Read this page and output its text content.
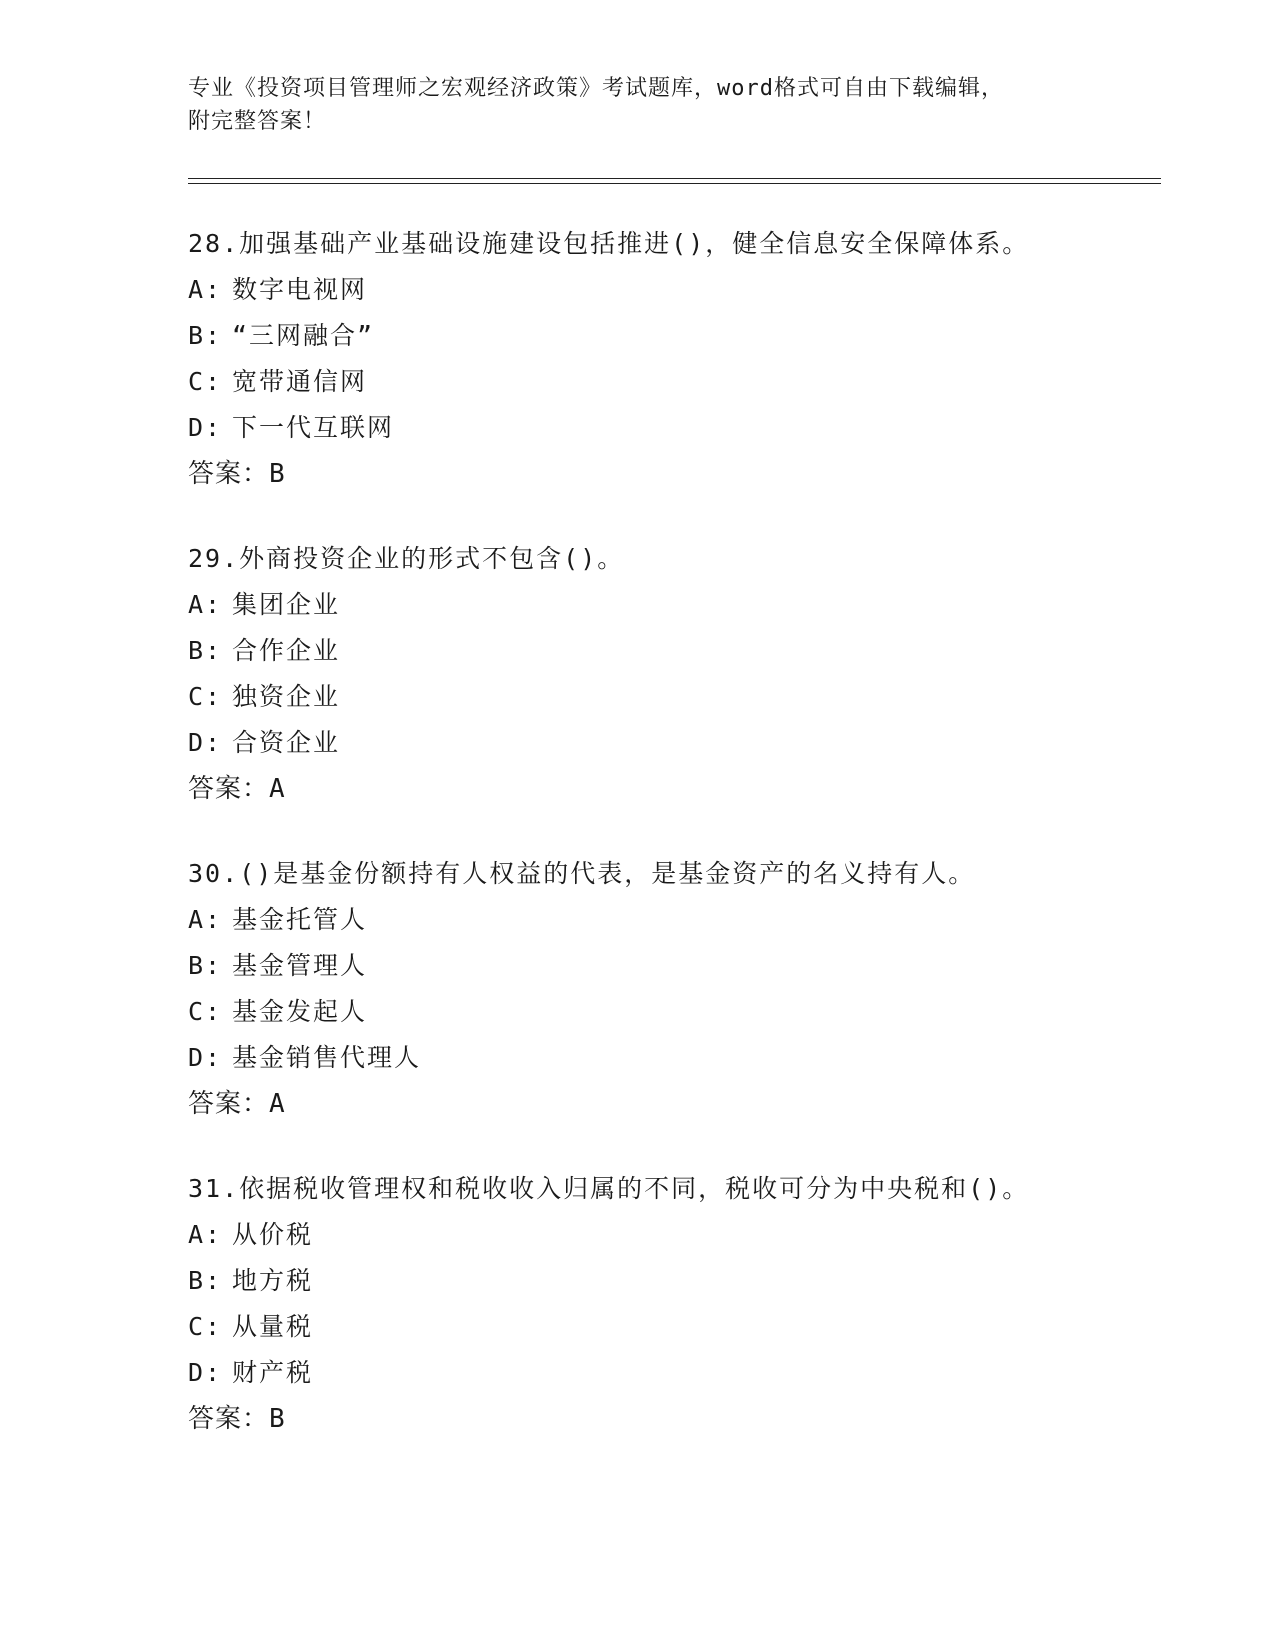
专业《投资项目管理师之宏观经济政策》考试题库，word格式可自由下载编辑，
附完整答案！
28.加强基础产业基础设施建设包括推进()，健全信息安全保障体系。
A: 数字电视网
B: “三网融合”
C: 宽带通信网
D: 下一代互联网
答案：B
29.外商投资企业的形式不包含()。
A: 集团企业
B: 合作企业
C: 独资企业
D: 合资企业
答案：A
30.()是基金份额持有人权益的代表，是基金资产的名义持有人。
A: 基金托管人
B: 基金管理人
C: 基金发起人
D: 基金销售代理人
答案：A
31.依据税收管理权和税收收入归属的不同，税收可分为中央税和()。
A: 从价税
B: 地方税
C: 从量税
D: 财产税
答案：B
